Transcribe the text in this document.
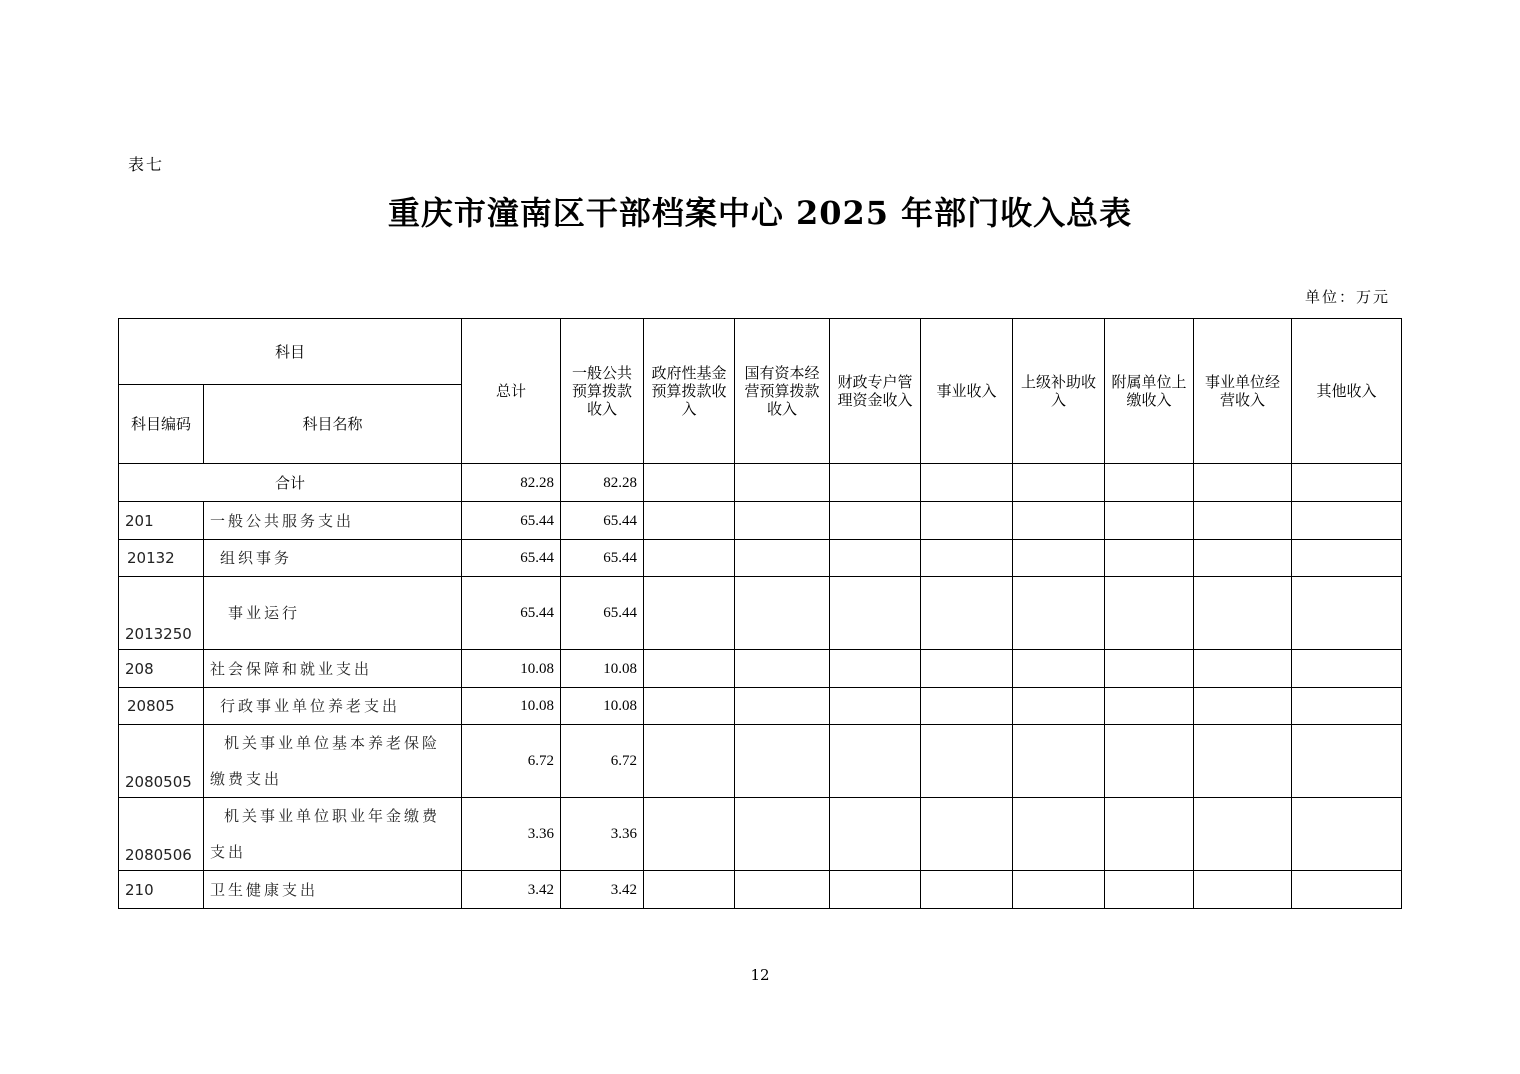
表七
重庆市潼南区干部档案中心 2025 年部门收入总表
单位：万元
科目		总计	一般公共预算拨款收入	政府性基金预算拨款收入	国有资本经营预算拨款收入	财政专户管理资金收入	事业收入	上级补助收入	附属单位上缴收入	事业单位经营收入	其他收入
科目编码	科目名称										
合计		82.28	82.28								
201	一般公共服务支出	65.44	65.44								
20132	组织事务	65.44	65.44								
2013250	事业运行	65.44	65.44								
208	社会保障和就业支出	10.08	10.08								
20805	行政事业单位养老支出	10.08	10.08								
2080505	机关事业单位基本养老保险缴费支出	6.72	6.72								
2080506	机关事业单位职业年金缴费支出	3.36	3.36								
210	卫生健康支出	3.42	3.42								
12
